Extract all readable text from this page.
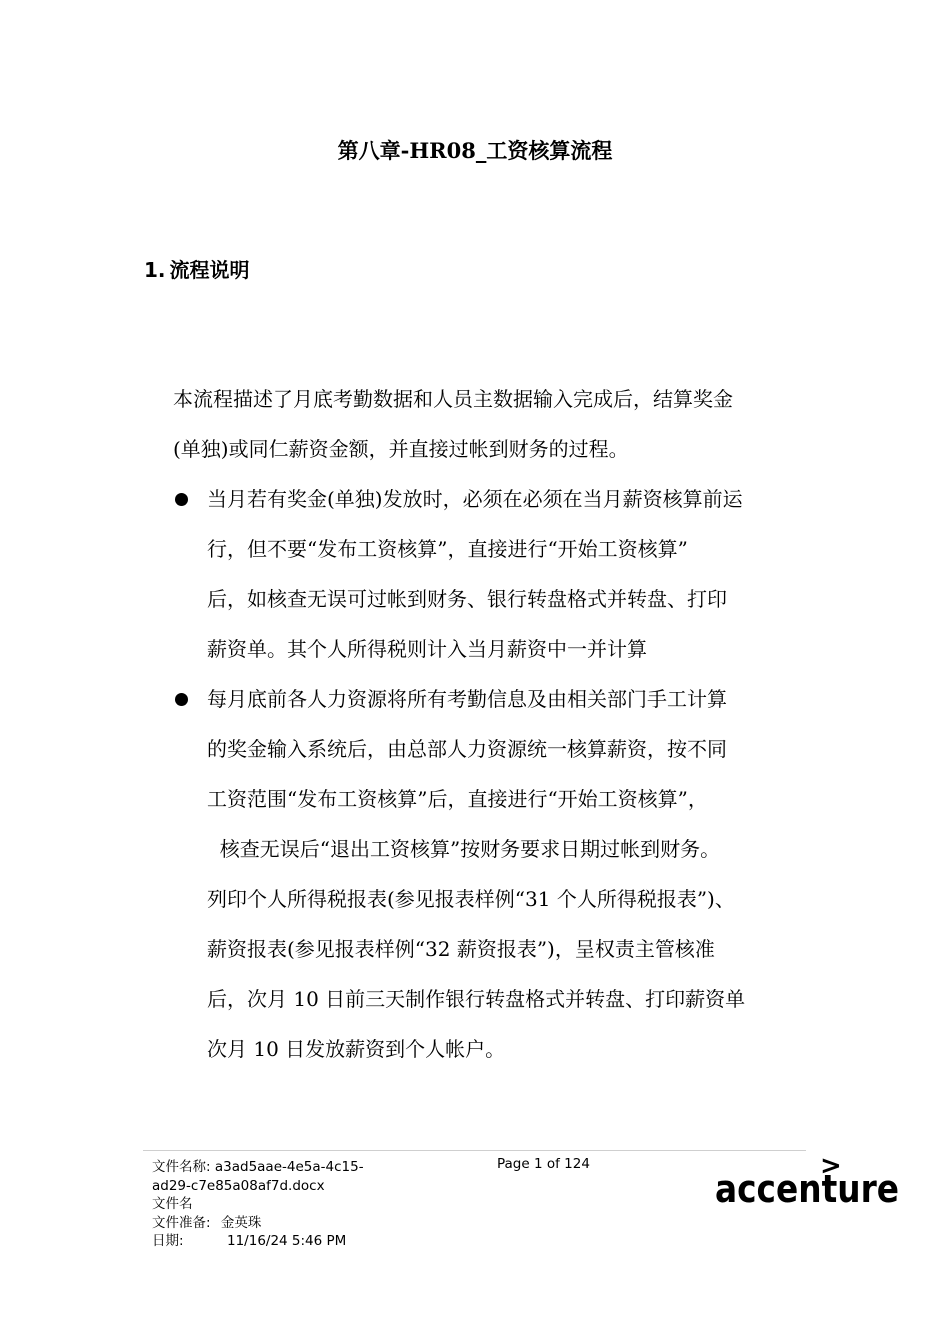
第八章-HR08_工资核算流程
1. 流程说明

本流程描述了月底考勤数据和人员主数据输入完成后，结算奖金
(单独)或同仁薪资金额，并直接过帐到财务的过程。

当月若有奖金(单独)发放时，必须在必须在当月薪资核算前运
行，但不要“发布工资核算”，直接进行“开始工资核算”
后，如核查无误可过帐到财务、银行转盘格式并转盘、打印
薪资单。其个人所得税则计入当月薪资中一并计算
每月底前各人力资源将所有考勤信息及由相关部门手工计算
的奖金输入系统后，由总部人力资源统一核算薪资，按不同
工资范围“发布工资核算”后，直接进行“开始工资核算”，
核查无误后“退出工资核算”按财务要求日期过帐到财务。
列印个人所得税报表(参见报表样例“31 个人所得税报表”)、
薪资报表(参见报表样例“32 薪资报表”)，呈权责主管核准
后，次月 10 日前三天制作银行转盘格式并转盘、打印薪资单
次月 10 日发放薪资到个人帐户。
文件名称: a3ad5aae-4e5a-4c15-
ad29-c7e85a08af7d.docx
文件名
文件准备: 金英珠
日期:	11/16/24 5:46 PM
Page 1 of 124	>
accenture
